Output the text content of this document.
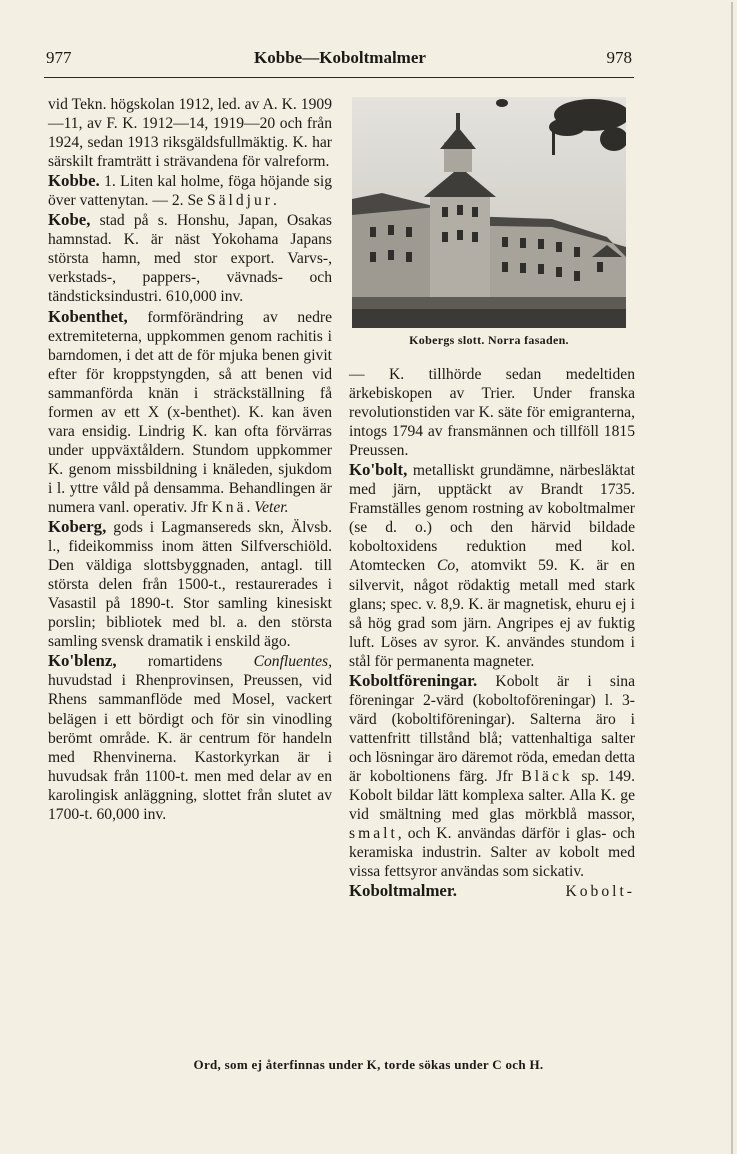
977	Kobbe—Koboltmalmer	978

vid Tekn. högskolan 1912, led. av A. K. 1909—11, av F. K. 1912—14, 1919—20 och från 1924, sedan 1913 riksgäldsfullmäktig. K. har särskilt framträtt i strävandena för valreform.

Kobbe. 1. Liten kal holme, föga höjande sig över vattenytan. — 2. Se Säldjur.

Kobe, stad på s. Honshu, Japan, Osakas hamnstad. K. är näst Yokohama Japans största hamn, med stor export. Varvs-, verkstads-, pappers-, vävnads- och tändsticksindustri. 610,000 inv.

Kobenthet, formförändring av nedre extremiteterna, uppkommen genom rachitis i barndomen, i det att de för mjuka benen givit efter för kroppstyngden, så att benen vid sammanförda knän i sträckställning få formen av ett X (x-benthet). K. kan även vara ensidig. Lindrig K. kan ofta förvärras under uppväxtåldern. Stundom uppkommer K. genom missbildning i knäleden, sjukdom i l. yttre våld på densamma. Behandlingen är numera vanl. operativ. Jfr Knä. Veter.

Koberg, gods i Lagmansereds skn, Älvsb. l., fideikommiss inom ätten Silfverschiöld. Den väldiga slottsbyggnaden, antagl. till största delen från 1500-t., restaurerades i Vasastil på 1890-t. Stor samling kinesiskt porslin; bibliotek med bl. a. den största samling svensk dramatik i enskild ägo.

Ko'blenz, romartidens Confluentes, huvudstad i Rhenprovinsen, Preussen, vid Rhens sammanflöde med Mosel, vackert belägen i ett bördigt och för sin vinodling berömt område. K. är centrum för handeln med Rhenvinerna. Kastorkyrkan är i huvudsak från 1100-t. men med delar av en karolingisk anläggning, slottet från slutet av 1700-t. 60,000 inv.

Kobergs slott. Norra fasaden.

— K. tillhörde sedan medeltiden ärkebiskopen av Trier. Under franska revolutionstiden var K. säte för emigranterna, intogs 1794 av fransmännen och tillföll 1815 Preussen.

Ko'bolt, metalliskt grundämne, närbesläktat med järn, upptäckt av Brandt 1735. Framställes genom rostning av koboltmalmer (se d. o.) och den härvid bildade koboltoxidens reduktion med kol. Atomtecken Co, atomvikt 59. K. är en silvervit, något rödaktig metall med stark glans; spec. v. 8,9. K. är magnetisk, ehuru ej i så hög grad som järn. Angripes ej av fuktig luft. Löses av syror. K. användes stundom i stål för permanenta magneter.

Koboltföreningar. Kobolt är i sina föreningar 2-värd (koboltoföreningar) l. 3-värd (koboltiföreningar). Salterna äro i vattenfritt tillstånd blå; vattenhaltiga salter och lösningar äro däremot röda, emedan detta är koboltionens färg. Jfr Bläck sp. 149. Kobolt bildar lätt komplexa salter. Alla K. ge vid smältning med glas mörkblå massor, smalt, och K. användas därför i glas- och keramiska industrin. Salter av kobolt med vissa fettsyror användas som sickativ.

Koboltmalmer.	Kobolt-

Ord, som ej återfinnas under K, torde sökas under C och H.
